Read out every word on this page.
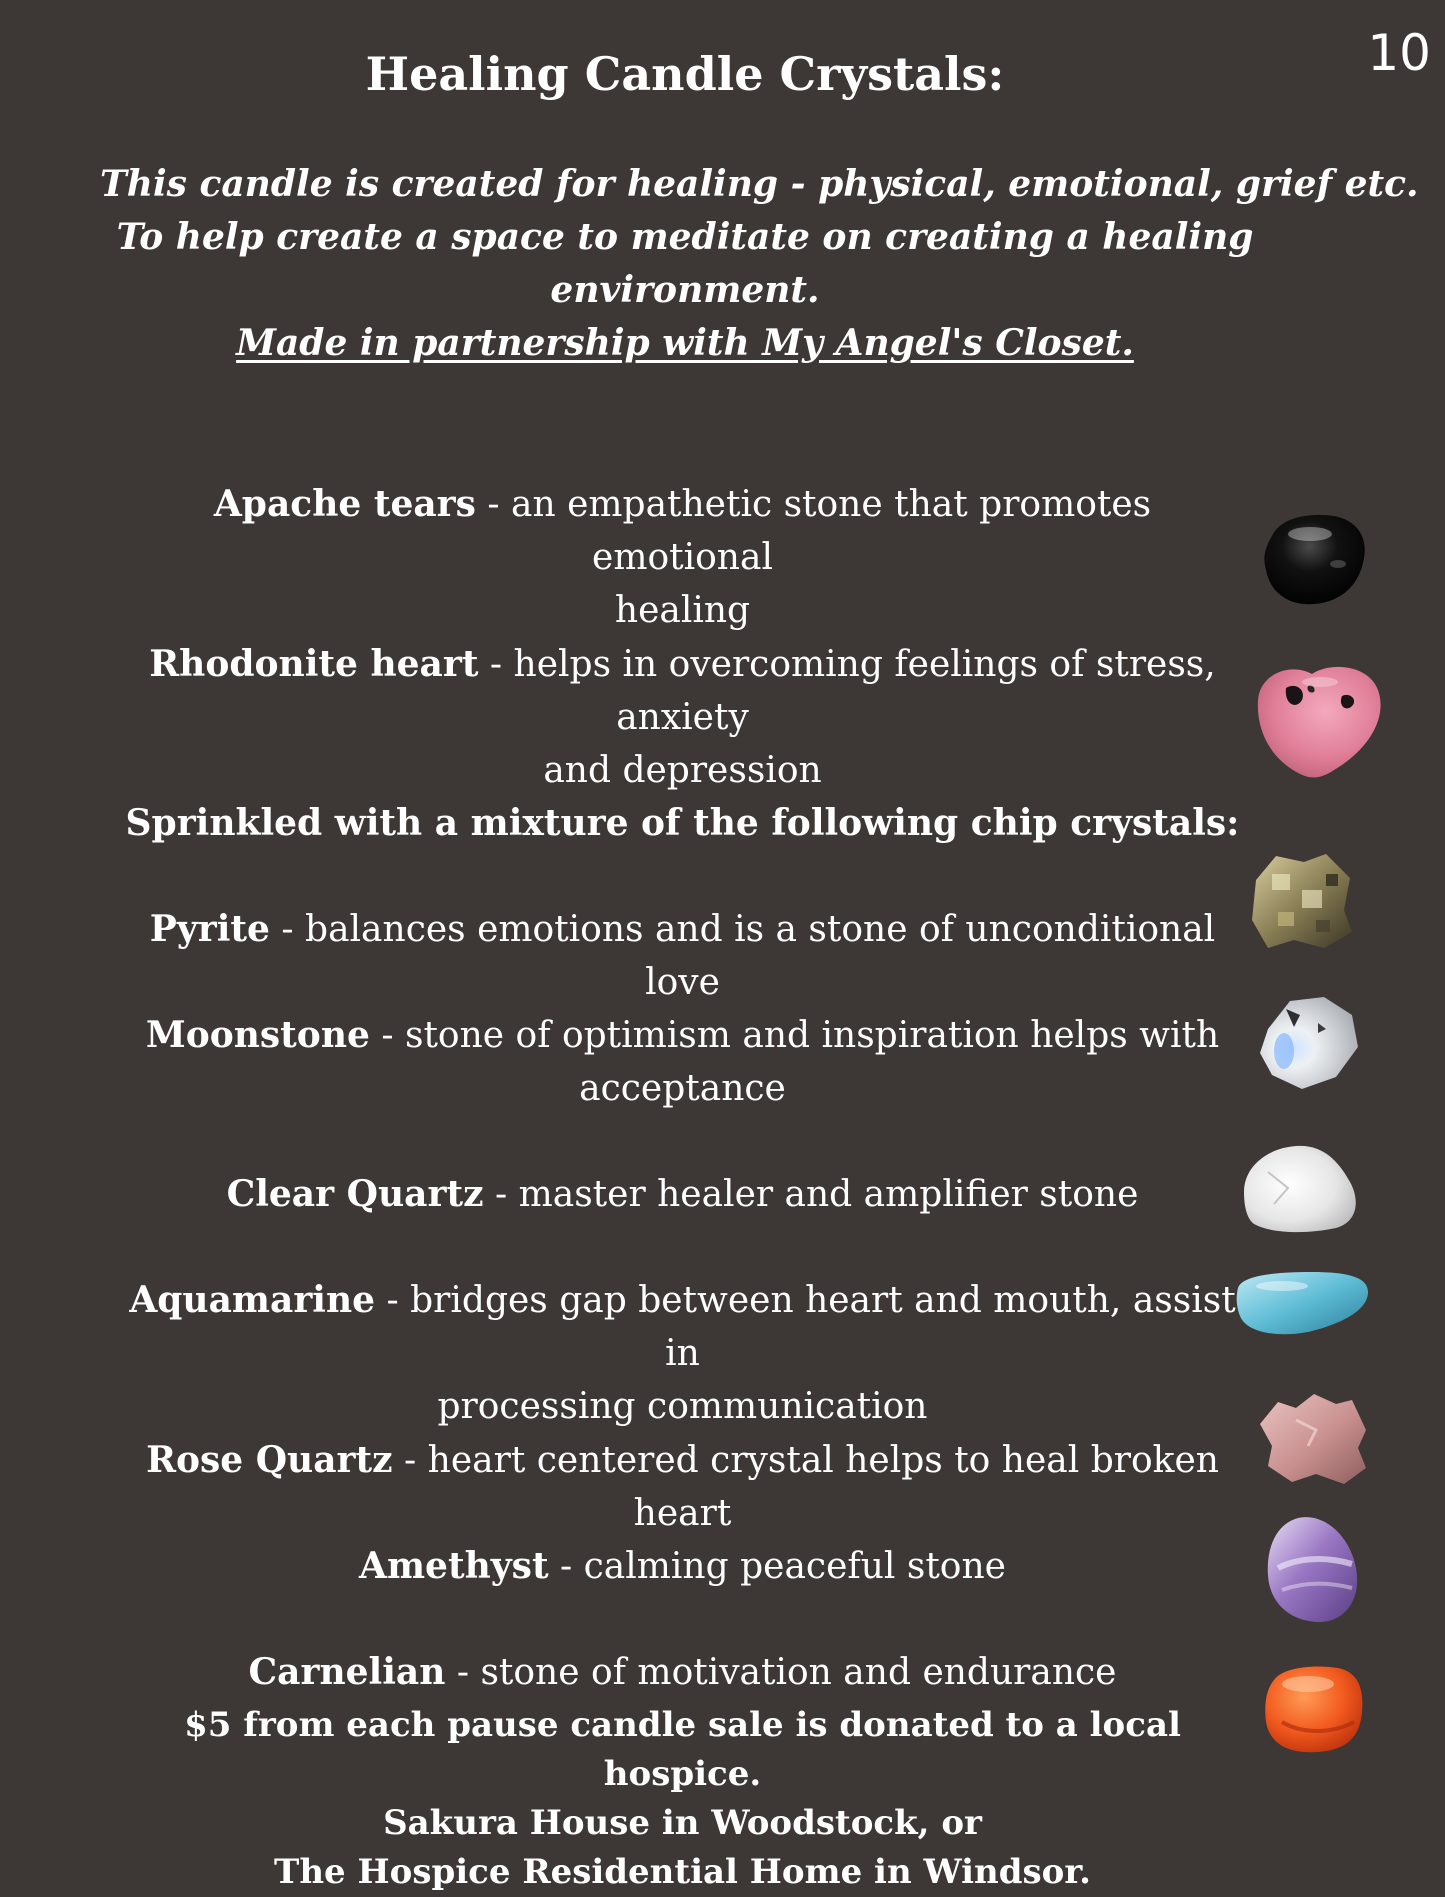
10
Healing Candle Crystals:
This candle is created for healing - physical, emotional, grief etc.
To help create a space to meditate on creating a healing
environment.
Made in partnership with My Angel's Closet.
Apache tears - an empathetic stone that promotes emotional
healing
Rhodonite heart - helps in overcoming feelings of stress, anxiety
and depression
Sprinkled with a mixture of the following chip crystals:
Pyrite - balances emotions and is a stone of unconditional love
Moonstone - stone of optimism and inspiration helps with
acceptance
Clear Quartz - master healer and amplifier stone
Aquamarine - bridges gap between heart and mouth, assist in
processing communication
Rose Quartz - heart centered crystal helps to heal broken heart
Amethyst - calming peaceful stone
Carnelian - stone of motivation and endurance
$5 from each pause candle sale is donated to a local hospice.
Sakura House in Woodstock, or
The Hospice Residential Home in Windsor.
